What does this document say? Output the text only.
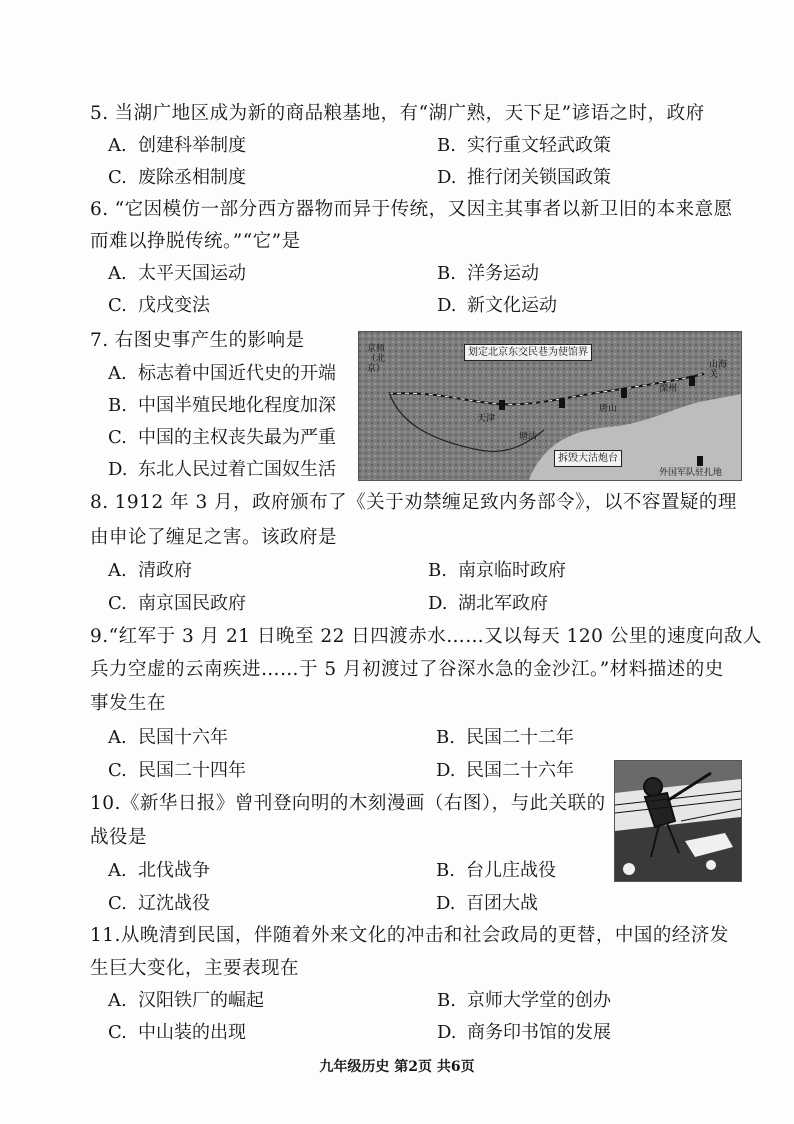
5. 当湖广地区成为新的商品粮基地，有“湖广熟，天下足”谚语之时，政府
A. 创建科举制度	B. 实行重文轻武政策
C. 废除丞相制度	D. 推行闭关锁国政策
6. “它因模仿一部分西方器物而异于传统，又因主其事者以新卫旧的本来意愿
而难以挣脱传统。”“它”是
A. 太平天国运动	B. 洋务运动
C. 戊戌变法	D. 新文化运动
7. 右图史事产生的影响是
A. 标志着中国近代史的开端
B. 中国半殖民地化程度加深
C. 中国的主权丧失最为严重
D. 东北人民过着亡国奴生活
划定北京东交民巷为使馆界
拆毁大沽炮台
京师（北京）
天津
塘沽
唐山
滦州
山海关
外国军队驻扎地
8. 1912 年 3 月，政府颁布了《关于劝禁缠足致内务部令》，以不容置疑的理
由申论了缠足之害。该政府是
A. 清政府	B. 南京临时政府
C. 南京国民政府	D. 湖北军政府
9.“红军于 3 月 21 日晚至 22 日四渡赤水……又以每天 120 公里的速度向敌人
兵力空虚的云南疾进……于 5 月初渡过了谷深水急的金沙江。”材料描述的史
事发生在
A. 民国十六年	B. 民国二十二年
C. 民国二十四年	D. 民国二十六年
10.《新华日报》曾刊登向明的木刻漫画（右图），与此关联的
战役是
A. 北伐战争	B. 台儿庄战役
C. 辽沈战役	D. 百团大战
11.从晚清到民国，伴随着外来文化的冲击和社会政局的更替，中国的经济发
生巨大变化，主要表现在
A. 汉阳铁厂的崛起	B. 京师大学堂的创办
C. 中山装的出现	D. 商务印书馆的发展
九年级历史 第2页 共6页
